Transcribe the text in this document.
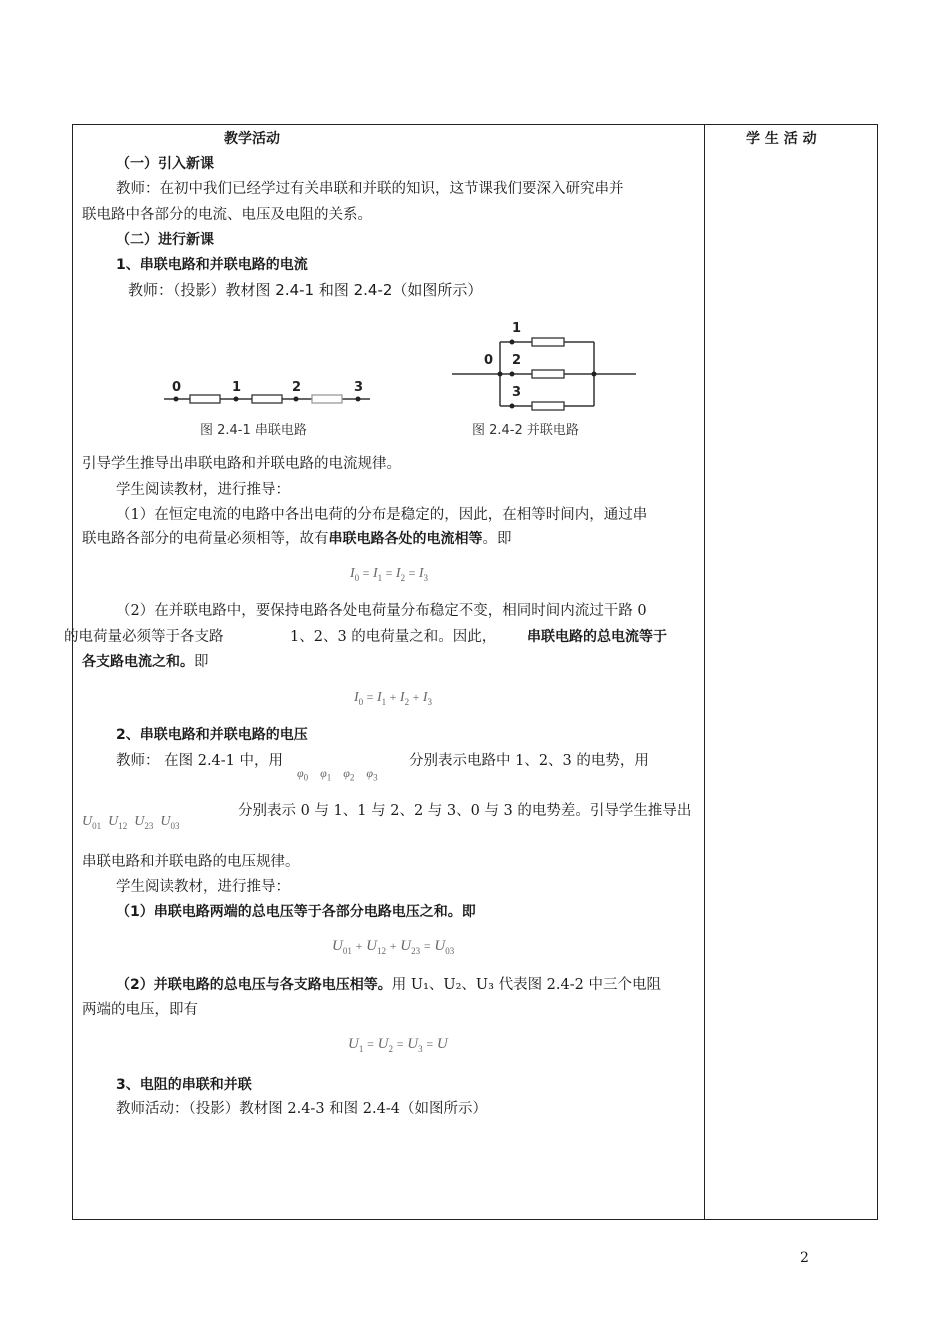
教学活动	学 生 活 动
（一）引入新课
教师：在初中我们已经学过有关串联和并联的知识，这节课我们要深入研究串并
联电路中各部分的电流、电压及电阻的关系。
（二）进行新课
1、串联电路和并联电路的电流
教师：（投影）教材图 2.4-1 和图 2.4-2（如图所示）
0	1	2	3
图 2.4-1 串联电路
0
1
2
3
图 2.4-2 并联电路
引导学生推导出串联电路和并联电路的电流规律。
学生阅读教材，进行推导：
（1）在恒定电流的电路中各出电荷的分布是稳定的，因此，在相等时间内，通过串
联电路各部分的电荷量必须相等，故有串联电路各处的电流相等。即
$I_0 = I_1 = I_2 = I_3$
（2）在并联电路中，要保持电路各处电荷量分布稳定不变，相同时间内流过干路 0
的电荷量必须等于各支路	1、2、3 的电荷量之和。因此， 串联电路的总电流等于
各支路电流之和。即
$I_0 = I_1 + I_2 + I_3$
2、串联电路和并联电路的电压
教师： 在图 2.4-1 中，用
$\varphi_0$    $\varphi_1$    $\varphi_2$    $\varphi_3$
分别表示电路中 1、2、3 的电势，用
$U_{01}$  $U_{12}$  $U_{23}$  $U_{03}$
分别表示 0 与 1、1 与 2、2 与 3、0 与 3 的电势差。引导学生推导出
串联电路和并联电路的电压规律。
学生阅读教材，进行推导：
（1）串联电路两端的总电压等于各部分电路电压之和。即
$U_{01} + U_{12} + U_{23} = U_{03}$
（2）并联电路的总电压与各支路电压相等。用 U₁、U₂、U₃ 代表图 2.4-2 中三个电阻
两端的电压，即有
$U_1 = U_2 = U_3 = U$
3、电阻的串联和并联
教师活动：（投影）教材图 2.4-3 和图 2.4-4（如图所示）
2
